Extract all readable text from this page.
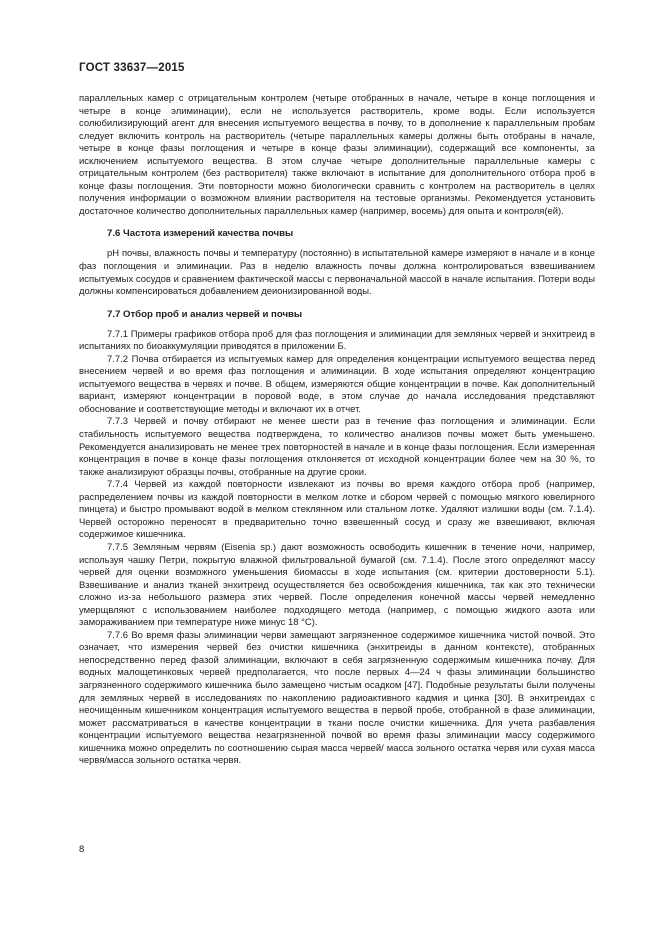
ГОСТ 33637—2015

параллельных камер с отрицательным контролем (четыре отобранных в начале, четыре в конце поглощения и четыре в конце элиминации), если не используется растворитель, кроме воды. Если используется солюбилизирующий агент для внесения испытуемого вещества в почву, то в дополнение к параллельным пробам следует включить контроль на растворитель (четыре параллельных камеры должны быть отобраны в начале, четыре в конце фазы поглощения и четыре в конце фазы элиминации), содержащий все компоненты, за исключением испытуемого вещества. В этом случае четыре дополнительные параллельные камеры с отрицательным контролем (без растворителя) также включают в испытание для дополнительного отбора проб в конце фазы поглощения. Эти повторности можно биологически сравнить с контролем на растворитель в целях получения информации о возможном влиянии растворителя на тестовые организмы. Рекомендуется установить достаточное количество дополнительных параллельных камер (например, восемь) для опыта и контроля(ей).

7.6 Частота измерений качества почвы

pH почвы, влажность почвы и температуру (постоянно) в испытательной камере измеряют в начале и в конце фаз поглощения и элиминации. Раз в неделю влажность почвы должна контролироваться взвешиванием испытуемых сосудов и сравнением фактической массы с первоначальной массой в начале испытания. Потери воды должны компенсироваться добавлением деионизированной воды.

7.7 Отбор проб и анализ червей и почвы

7.7.1 Примеры графиков отбора проб для фаз поглощения и элиминации для земляных червей и энхитреид в испытаниях по биоаккумуляции приводятся в приложении Б.

7.7.2 Почва отбирается из испытуемых камер для определения концентрации испытуемого вещества перед внесением червей и во время фаз поглощения и элиминации. В ходе испытания определяют концентрацию испытуемого вещества в червях и почве. В общем, измеряются общие концентрации в почве. Как дополнительный вариант, измеряют концентрации в поровой воде, в этом случае до начала исследования представляют обоснование и соответствующие методы и включают их в отчет.

7.7.3 Червей и почву отбирают не менее шести раз в течение фаз поглощения и элиминации. Если стабильность испытуемого вещества подтверждена, то количество анализов почвы может быть уменьшено. Рекомендуется анализировать не менее трех повторностей в начале и в конце фазы поглощения. Если измеренная концентрация в почве в конце фазы поглощения отклоняется от исходной концентрации более чем на 30 %, то также анализируют образцы почвы, отобранные на другие сроки.

7.7.4 Червей из каждой повторности извлекают из почвы во время каждого отбора проб (например, распределением почвы из каждой повторности в мелком лотке и сбором червей с помощью мягкого ювелирного пинцета) и быстро промывают водой в мелком стеклянном или стальном лотке. Удаляют излишки воды (см. 7.1.4). Червей осторожно переносят в предварительно точно взвешенный сосуд и сразу же взвешивают, включая содержимое кишечника.

7.7.5 Земляным червям (Eisenia sp.) дают возможность освободить кишечник в течение ночи, например, используя чашку Петри, покрытую влажной фильтровальной бумагой (см. 7.1.4). После этого определяют массу червей для оценки возможного уменьшения биомассы в ходе испытания (см. критерии достоверности 5.1). Взвешивание и анализ тканей энхитреид осуществляется без освобождения кишечника, так как это технически сложно из-за небольшого размера этих червей. После определения конечной массы червей немедленно умерщвляют с использованием наиболее подходящего метода (например, с помощью жидкого азота или замораживанием при температуре ниже минус 18 °С).

7.7.6 Во время фазы элиминации черви замещают загрязненное содержимое кишечника чистой почвой. Это означает, что измерения червей без очистки кишечника (энхитреиды в данном контексте), отобранных непосредственно перед фазой элиминации, включают в себя загрязненную содержимым кишечника почву. Для водных малощетинковых червей предполагается, что после первых 4—24 ч фазы элиминации большинство загрязненного содержимого кишечника было замещено чистым осадком [47]. Подобные результаты были получены для земляных червей в исследованиях по накоплению радиоактивного кадмия и цинка [30]. В энхитреидах с неочищенным кишечником концентрация испытуемого вещества в первой пробе, отобранной в фазе элиминации, может рассматриваться в качестве концентрации в ткани после очистки кишечника. Для учета разбавления концентрации испытуемого вещества незагрязненной почвой во время фазы элиминации массу содержимого кишечника можно определить по соотношению сырая масса червей/ масса зольного остатка червя или сухая масса червя/масса зольного остатка червя.

8
